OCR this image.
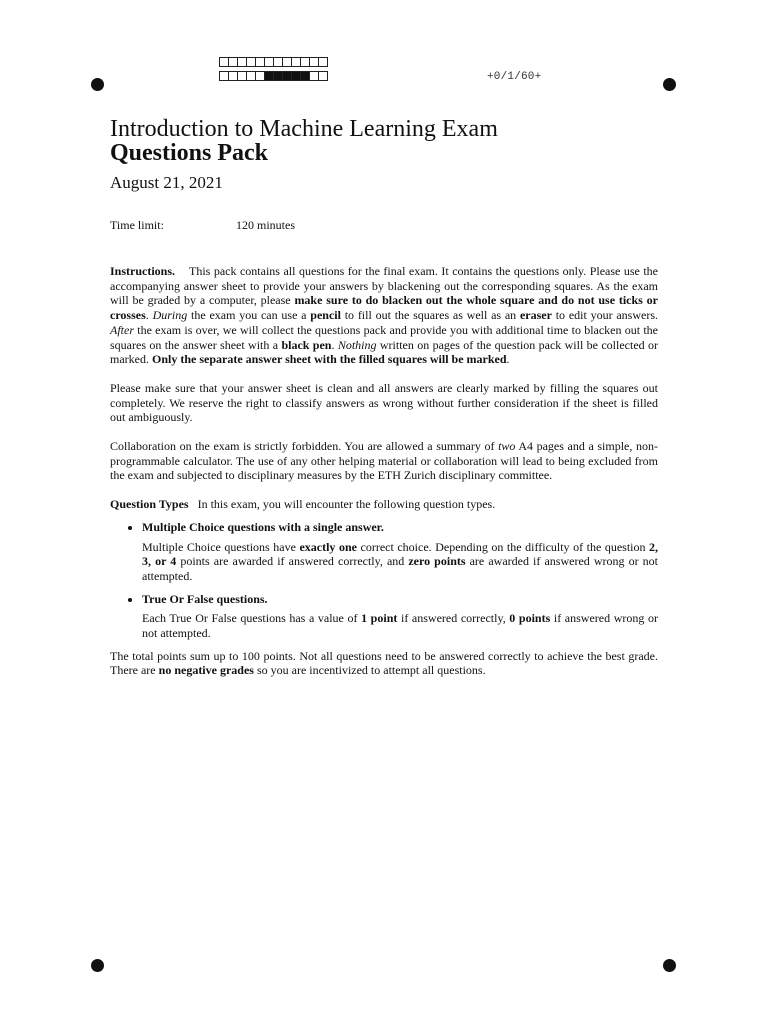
+0/1/60+
Introduction to Machine Learning Exam
Questions Pack
August 21, 2021
Time limit:	120 minutes

Instructions. This pack contains all questions for the final exam. It contains the questions only. Please use the accompanying answer sheet to provide your answers by blackening out the corresponding squares. As the exam will be graded by a computer, please make sure to do blacken out the whole square and do not use ticks or crosses. During the exam you can use a pencil to fill out the squares as well as an eraser to edit your answers. After the exam is over, we will collect the questions pack and provide you with additional time to blacken out the squares on the answer sheet with a black pen. Nothing written on pages of the question pack will be collected or marked. Only the separate answer sheet with the filled squares will be marked.

Please make sure that your answer sheet is clean and all answers are clearly marked by filling the squares out completely. We reserve the right to classify answers as wrong without further consideration if the sheet is filled out ambiguously.

Collaboration on the exam is strictly forbidden. You are allowed a summary of two A4 pages and a simple, non-programmable calculator. The use of any other helping material or collaboration will lead to being excluded from the exam and subjected to disciplinary measures by the ETH Zurich disciplinary committee.

Question Types In this exam, you will encounter the following question types.

• Multiple Choice questions with a single answer.
Multiple Choice questions have exactly one correct choice. Depending on the difficulty of the question 2, 3, or 4 points are awarded if answered correctly, and zero points are awarded if answered wrong or not attempted.
• True Or False questions.
Each True Or False questions has a value of 1 point if answered correctly, 0 points if answered wrong or not attempted.

The total points sum up to 100 points. Not all questions need to be answered correctly to achieve the best grade. There are no negative grades so you are incentivized to attempt all questions.
